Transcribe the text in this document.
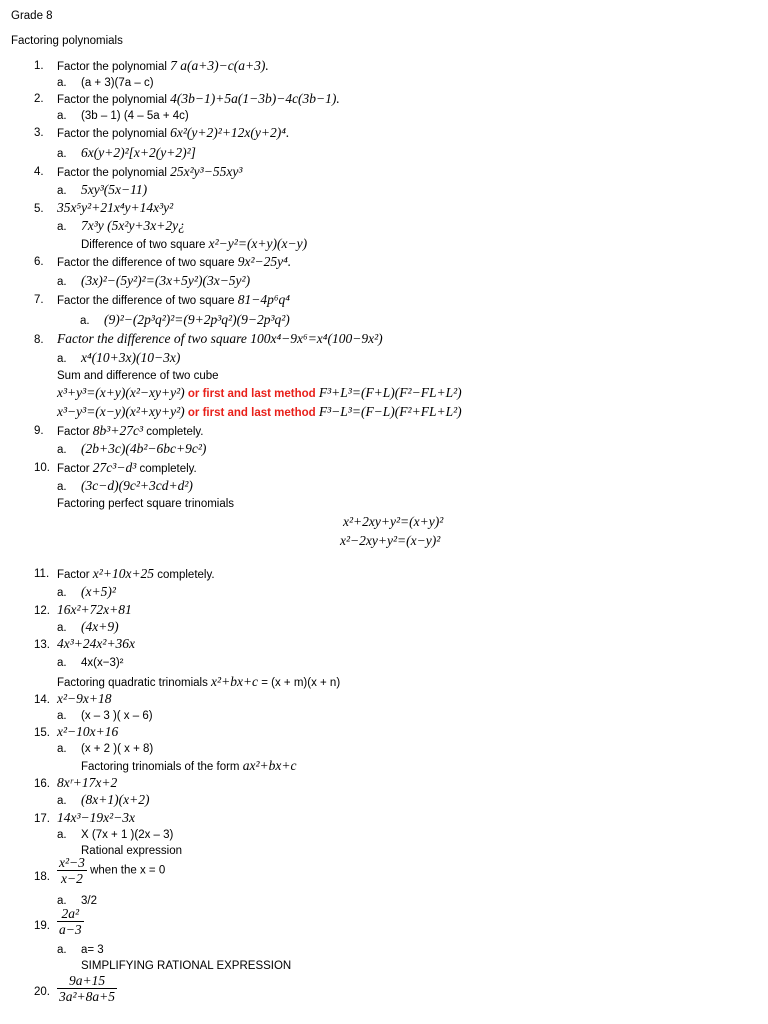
Grade 8
Factoring polynomials
1. Factor the polynomial 7 a(a+3)−c(a+3).
a. (a + 3)(7a – c)
2. Factor the polynomial 4(3b−1)+5a(1−3b)−4c(3b−1).
a. (3b – 1) (4 – 5a + 4c)
3. Factor the polynomial 6x²(y+2)²+12x(y+2)⁴.
a. 6x(y+2)²[x+2(y+2)²]
4. Factor the polynomial 25x²y³−55xy³
a. 5xy³(5x−11)
5. 35x⁵y²+21x⁴y+14x³y²
a. 7x³y (5x²y+3x+2y¿
Difference of two square x²−y²=(x+y)(x−y)
6. Factor the difference of two square 9x²−25y⁴.
a. (3x)²−(5y²)²=(3x+5y²)(3x−5y²)
7. Factor the difference of two square 81−4p⁶q⁴
a. (9)²−(2p³q²)²=(9+2p³q²)(9−2p³q²)
8. Factor the difference of two square 100x⁴−9x⁶=x⁴(100−9x²)
a. x⁴(10+3x)(10−3x)
Sum and difference of two cube
x³+y³=(x+y)(x²−xy+y²) or first and last method F³+L³=(F+L)(F²−FL+L²)
x³−y³=(x−y)(x²+xy+y²) or first and last method F³−L³=(F−L)(F²+FL+L²)
9. Factor 8b³+27c³ completely.
a. (2b+3c)(4b²−6bc+9c²)
10. Factor 27c³−d³ completely.
a. (3c−d)(9c²+3cd+d²)
Factoring perfect square trinomials
x²+2xy+y²=(x+y)²
x²−2xy+y²=(x−y)²
11. Factor x²+10x+25 completely.
a. (x+5)²
12. 16x²+72x+81
a. (4x+9)
13. 4x³+24x²+36x
a. 4x(x−3)²
Factoring quadratic trinomials x²+bx+c = (x + m)(x + n)
14. x²−9x+18
a. (x – 3 )( x – 6)
15. x²−10x+16
a. (x + 2 )( x + 8)
Factoring trinomials of the form ax²+bx+c
16. 8xʳ+17x+2
a. (8x+1)(x+2)
17. 14x³−19x²−3x
a. X (7x + 1 )(2x – 3)
Rational expression
18. $\frac{\text{x²−3}}{x-2}$ when the x = 0
a. 3/2
19. $\frac{\text{2a²}}{a-3}$
a. a= 3
SIMPLIFYING RATIONAL EXPRESSION
20. $\frac{9a+15}{\text{3a²+8a+5}}$
